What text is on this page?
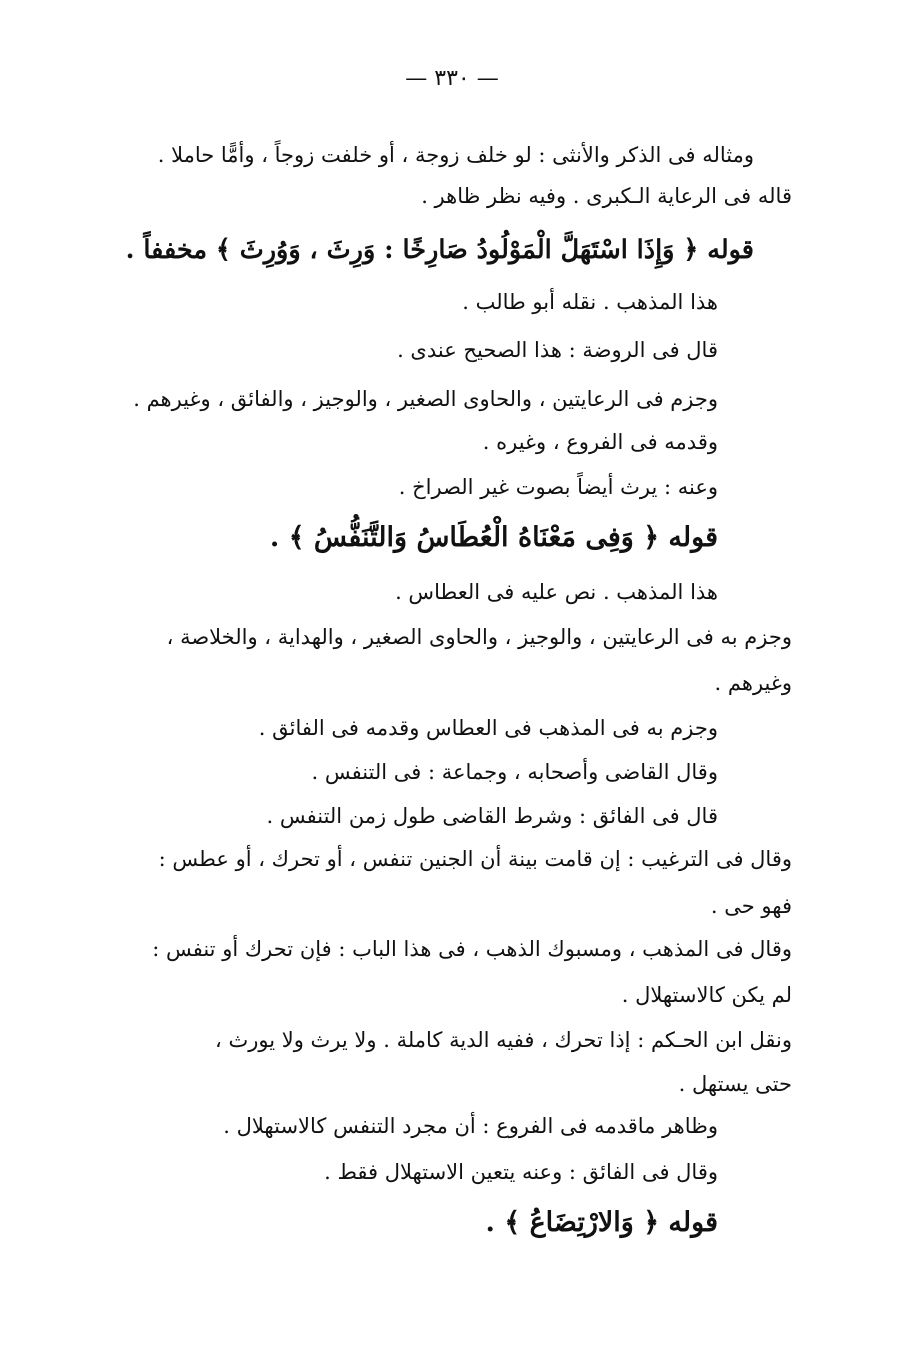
— ٣٣٠ —
ومثاله فى الذكر والأنثى : لو خلف زوجة ، أو خلفت زوجاً ، وأمًّا حاملا .
قاله فى الرعاية الـكبرى . وفيه نظر ظاهر .
قوله ﴿ وَإِذَا اسْتَهَلَّ الْمَوْلُودُ صَارِخًا : وَرِثَ ، وَوُرِثَ ﴾ مخففاً .
هذا المذهب . نقله أبو طالب .
قال فى الروضة : هذا الصحيح عندى .
وجزم فى الرعايتين ، والحاوى الصغير ، والوجيز ، والفائق ، وغيرهم .
وقدمه فى الفروع ، وغيره .
وعنه : يرث أيضاً بصوت غير الصراخ .
قوله ﴿ وَفِى مَعْنَاهُ الْعُطَاسُ وَالتَّنَفُّسُ ﴾ .
هذا المذهب . نص عليه فى العطاس .
وجزم به فى الرعايتين ، والوجيز ، والحاوى الصغير ، والهداية ، والخلاصة ،
وغيرهم .
وجزم به فى المذهب فى العطاس وقدمه فى الفائق .
وقال القاضى وأصحابه ، وجماعة : فى التنفس .
قال فى الفائق : وشرط القاضى طول زمن التنفس .
وقال فى الترغيب : إن قامت بينة أن الجنين تنفس ، أو تحرك ، أو عطس :
فهو حى .
وقال فى المذهب ، ومسبوك الذهب ، فى هذا الباب : فإن تحرك أو تنفس :
لم يكن كالاستهلال .
ونقل ابن الحـكم : إذا تحرك ، ففيه الدية كاملة . ولا يرث ولا يورث ،
حتى يستهل .
وظاهر ماقدمه فى الفروع : أن مجرد التنفس كالاستهلال .
وقال فى الفائق : وعنه يتعين الاستهلال فقط .
قوله ﴿ وَالارْتِضَاعُ ﴾ .
